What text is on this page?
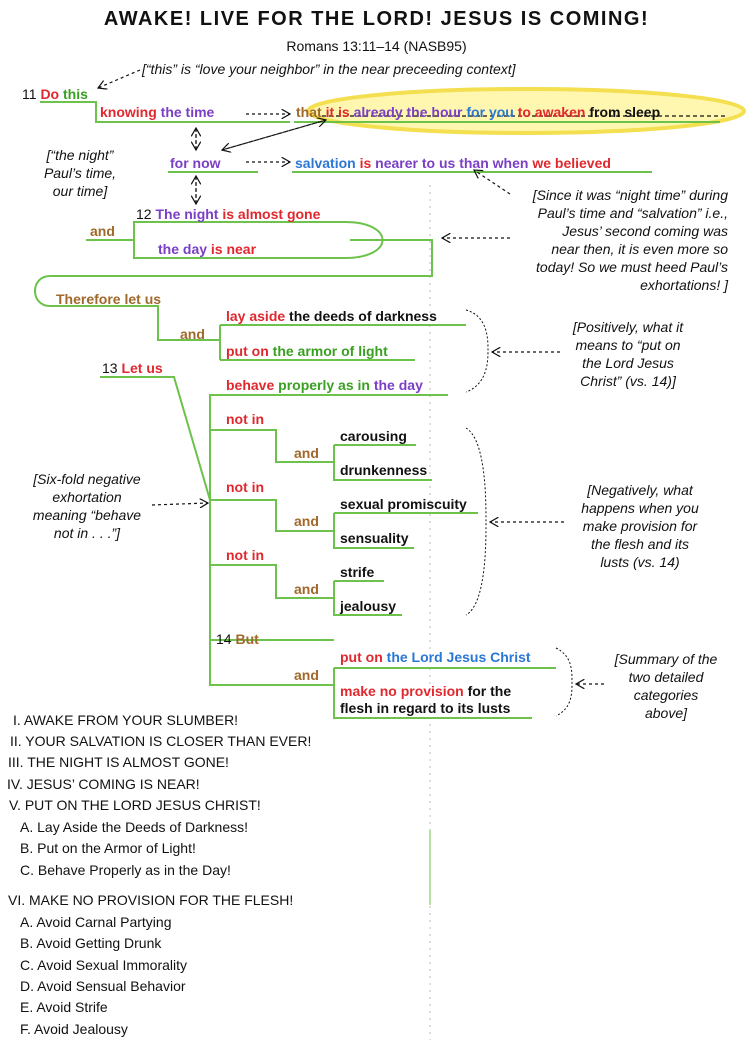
AWAKE! LIVE FOR THE LORD! JESUS IS COMING!
Romans 13:11–14 (NASB95)
[“this” is “love your neighbor” in the near preceeding context]
[“the night”
Paul’s time,
our time]	[Since it was “night time” during
Paul’s time and “salvation” i.e.,
Jesus’ second coming was
near then, it is even more so
today! So we must heed Paul’s
exhortations! ]
[Positively, what it
means to “put on
the Lord Jesus
Christ” (vs. 14)]
[Six-fold negative
exhortation
meaning “behave
not in . . .”]
[Negatively, what
happens when you
make provision for
the flesh and its
lusts (vs. 14)
[Summary of the
two detailed
categories
above]
11 Do this
knowing the time	that it is already the hour for you to awaken from sleep
for now	salvation is nearer to us than when we believed
12 The night is almost gone
and
the day is near
Therefore let us
and
lay aside the deeds of darkness
put on the armor of light
13 Let us
behave properly as in the day
not in
and
carousing
drunkenness
not in
and
sexual promiscuity
sensuality
not in
and
strife
jealousy
14 But
and
put on the Lord Jesus Christ
make no provision for the
flesh in regard to its lusts
I. AWAKE FROM YOUR SLUMBER!
II. YOUR SALVATION IS CLOSER THAN EVER!
III. THE NIGHT IS ALMOST GONE!
IV. JESUS’ COMING IS NEAR!
V. PUT ON THE LORD JESUS CHRIST!
A. Lay Aside the Deeds of Darkness!
B. Put on the Armor of Light!
C. Behave Properly as in the Day!
VI. MAKE NO PROVISION FOR THE FLESH!
A. Avoid Carnal Partying
B. Avoid Getting Drunk
C. Avoid Sexual Immorality
D. Avoid Sensual Behavior
E. Avoid Strife
F. Avoid Jealousy
